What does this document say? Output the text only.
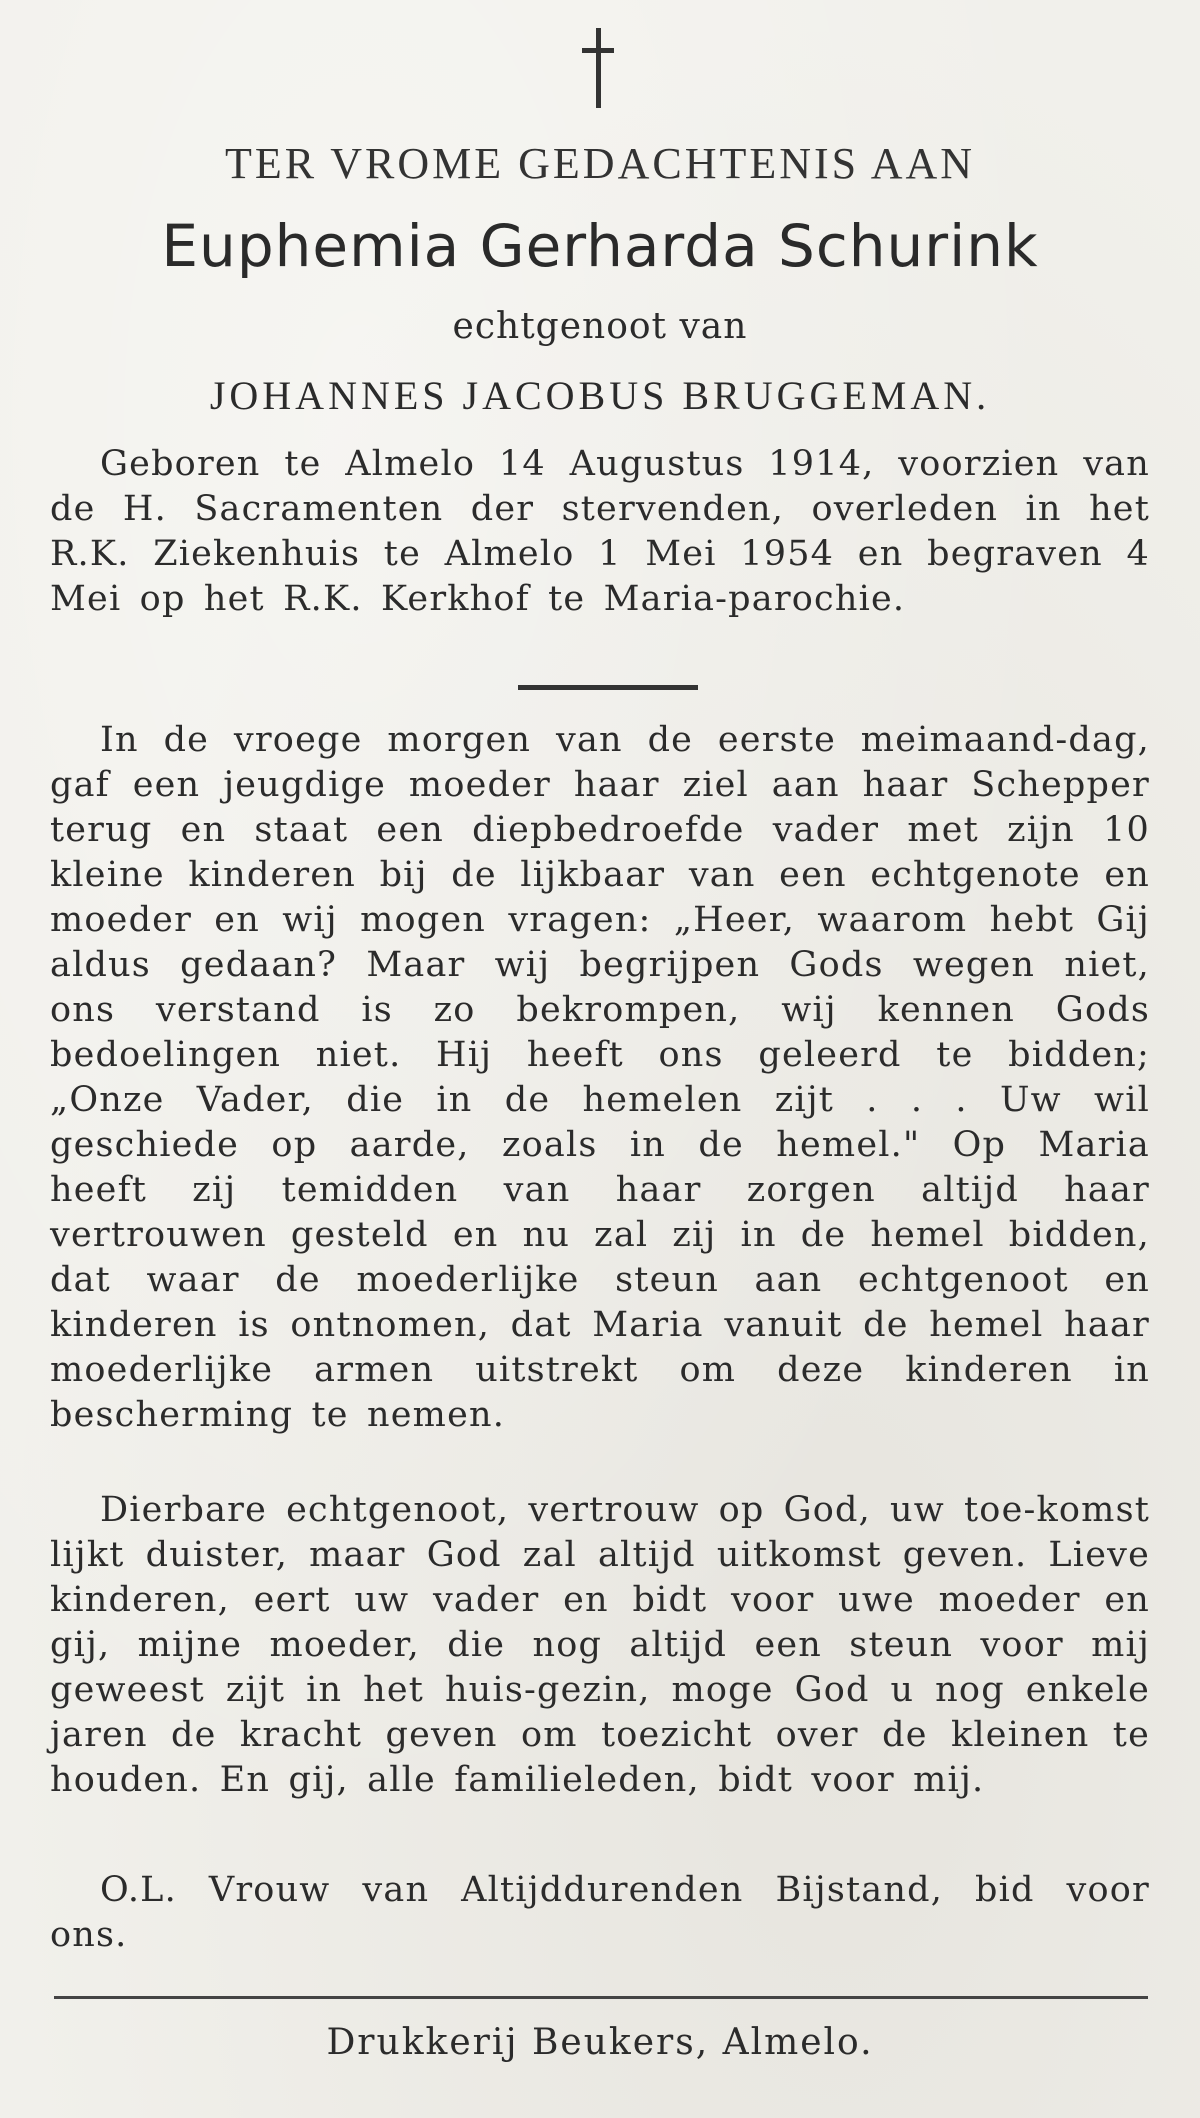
TER VROME GEDACHTENIS AAN
Euphemia Gerharda Schurink
echtgenoot van
JOHANNES JACOBUS BRUGGEMAN.
Geboren te Almelo 14 Augustus 1914, voorzien van de H. Sacramenten der stervenden, overleden in het R.K. Ziekenhuis te Almelo 1 Mei 1954 en begraven 4 Mei op het R.K. Kerkhof te Maria-parochie.
In de vroege morgen van de eerste meimaand-dag, gaf een jeugdige moeder haar ziel aan haar Schepper terug en staat een diepbedroefde vader met zijn 10 kleine kinderen bij de lijkbaar van een echtgenote en moeder en wij mogen vragen: „Heer, waarom hebt Gij aldus gedaan? Maar wij begrijpen Gods wegen niet, ons verstand is zo bekrompen, wij kennen Gods bedoelingen niet. Hij heeft ons geleerd te bidden; „Onze Vader, die in de hemelen zijt . . . Uw wil geschiede op aarde, zoals in de hemel." Op Maria heeft zij temidden van haar zorgen altijd haar vertrouwen gesteld en nu zal zij in de hemel bidden, dat waar de moederlijke steun aan echtgenoot en kinderen is ontnomen, dat Maria vanuit de hemel haar moederlijke armen uitstrekt om deze kinderen in bescherming te nemen.
Dierbare echtgenoot, vertrouw op God, uw toe-komst lijkt duister, maar God zal altijd uitkomst geven. Lieve kinderen, eert uw vader en bidt voor uwe moeder en gij, mijne moeder, die nog altijd een steun voor mij geweest zijt in het huis-gezin, moge God u nog enkele jaren de kracht geven om toezicht over de kleinen te houden. En gij, alle familieleden, bidt voor mij.
O.L. Vrouw van Altijddurenden Bijstand, bid voor ons.
Drukkerij Beukers, Almelo.
